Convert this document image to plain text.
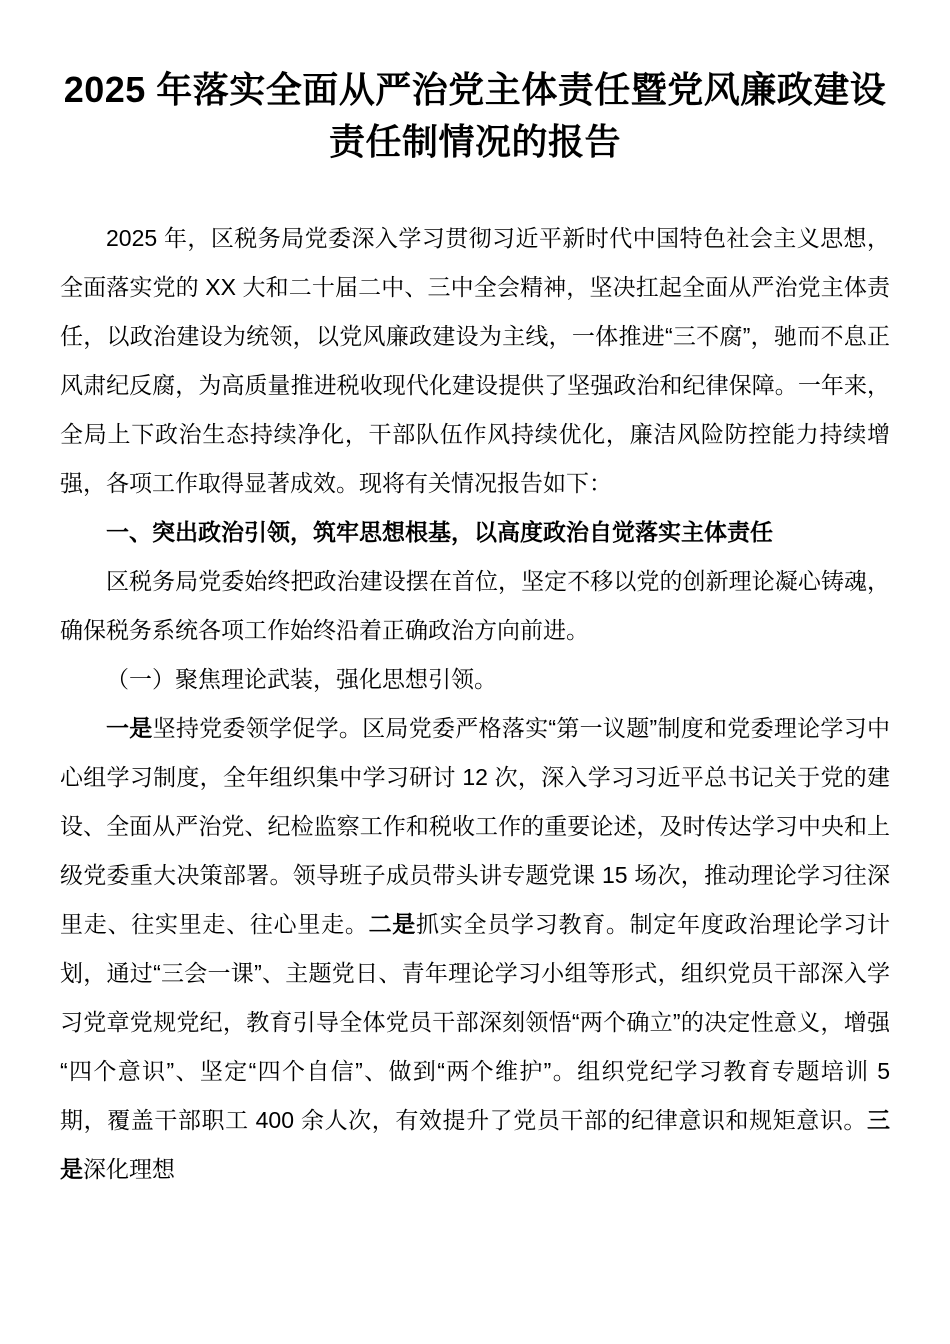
2025 年落实全面从严治党主体责任暨党风廉政建设责任制情况的报告

2025 年，区税务局党委深入学习贯彻习近平新时代中国特色社会主义思想，全面落实党的 XX 大和二十届二中、三中全会精神，坚决扛起全面从严治党主体责任，以政治建设为统领，以党风廉政建设为主线，一体推进“三不腐”，驰而不息正风肃纪反腐，为高质量推进税收现代化建设提供了坚强政治和纪律保障。一年来，全局上下政治生态持续净化，干部队伍作风持续优化，廉洁风险防控能力持续增强，各项工作取得显著成效。现将有关情况报告如下：

一、突出政治引领，筑牢思想根基，以高度政治自觉落实主体责任

区税务局党委始终把政治建设摆在首位，坚定不移以党的创新理论凝心铸魂，确保税务系统各项工作始终沿着正确政治方向前进。

（一）聚焦理论武装，强化思想引领。

一是坚持党委领学促学。区局党委严格落实“第一议题”制度和党委理论学习中心组学习制度，全年组织集中学习研讨 12 次，深入学习习近平总书记关于党的建设、全面从严治党、纪检监察工作和税收工作的重要论述，及时传达学习中央和上级党委重大决策部署。领导班子成员带头讲专题党课 15 场次，推动理论学习往深里走、往实里走、往心里走。二是抓实全员学习教育。制定年度政治理论学习计划，通过“三会一课”、主题党日、青年理论学习小组等形式，组织党员干部深入学习党章党规党纪，教育引导全体党员干部深刻领悟“两个确立”的决定性意义，增强“四个意识”、坚定“四个自信”、做到“两个维护”。组织党纪学习教育专题培训 5 期，覆盖干部职工 400 余人次，有效提升了党员干部的纪律意识和规矩意识。三是深化理想
